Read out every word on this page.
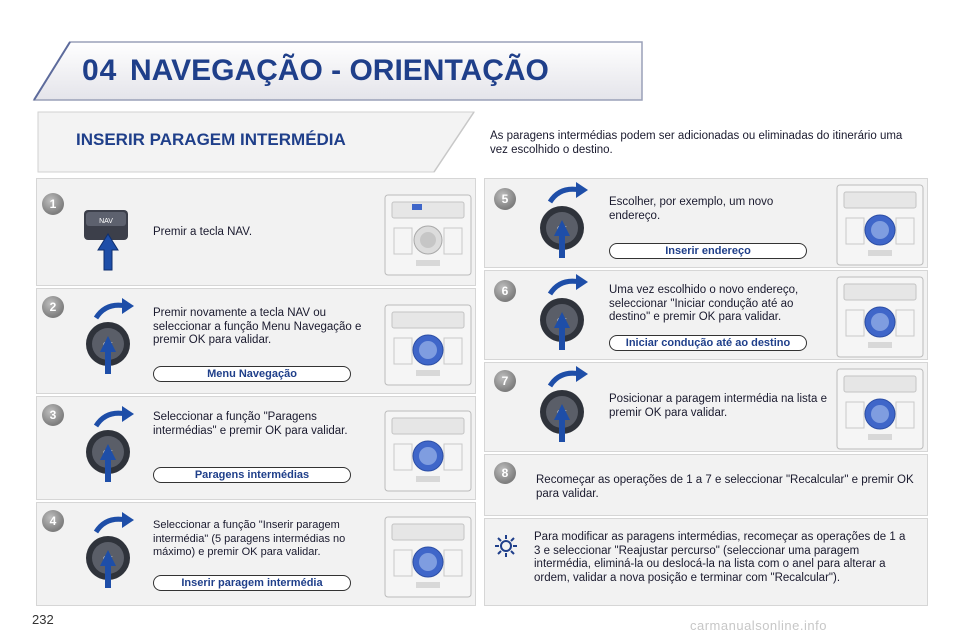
04 NAVEGAÇÃO - ORIENTAÇÃO
INSERIR PARAGEM INTERMÉDIA	As paragens intermédias podem ser adicionadas ou eliminadas do itinerário uma vez escolhido o destino.

1
2
3
4
5
6
7
8
NAV

Premir a tecla NAV.

Premir novamente a tecla NAV ou seleccionar a função Menu Navegação e premir OK para validar.

Seleccionar a função "Paragens intermédias" e premir OK para validar.

Seleccionar a função "Inserir paragem intermédia" (5 paragens intermédias no máximo) e premir OK para validar.

Escolher, por exemplo, um novo endereço.

Uma vez escolhido o novo endereço, seleccionar "Iniciar condução até ao destino" e premir OK para validar.

Posicionar a paragem intermédia na lista e premir OK para validar.

Recomeçar as operações de 1 a 7 e seleccionar "Recalcular" e premir OK para validar.

Menu Navegação
Paragens intermédias
Inserir paragem intermédia
Inserir endereço
Iniciar condução até ao destino

Para modificar as paragens intermédias, recomeçar as operações de 1 a 3 e seleccionar "Reajustar percurso" (seleccionar uma paragem intermédia, eliminá-la ou deslocá-la na lista com o anel para alterar a ordem, validar a nova posição e terminar com "Recalcular").

232	carmanualsonline.info
